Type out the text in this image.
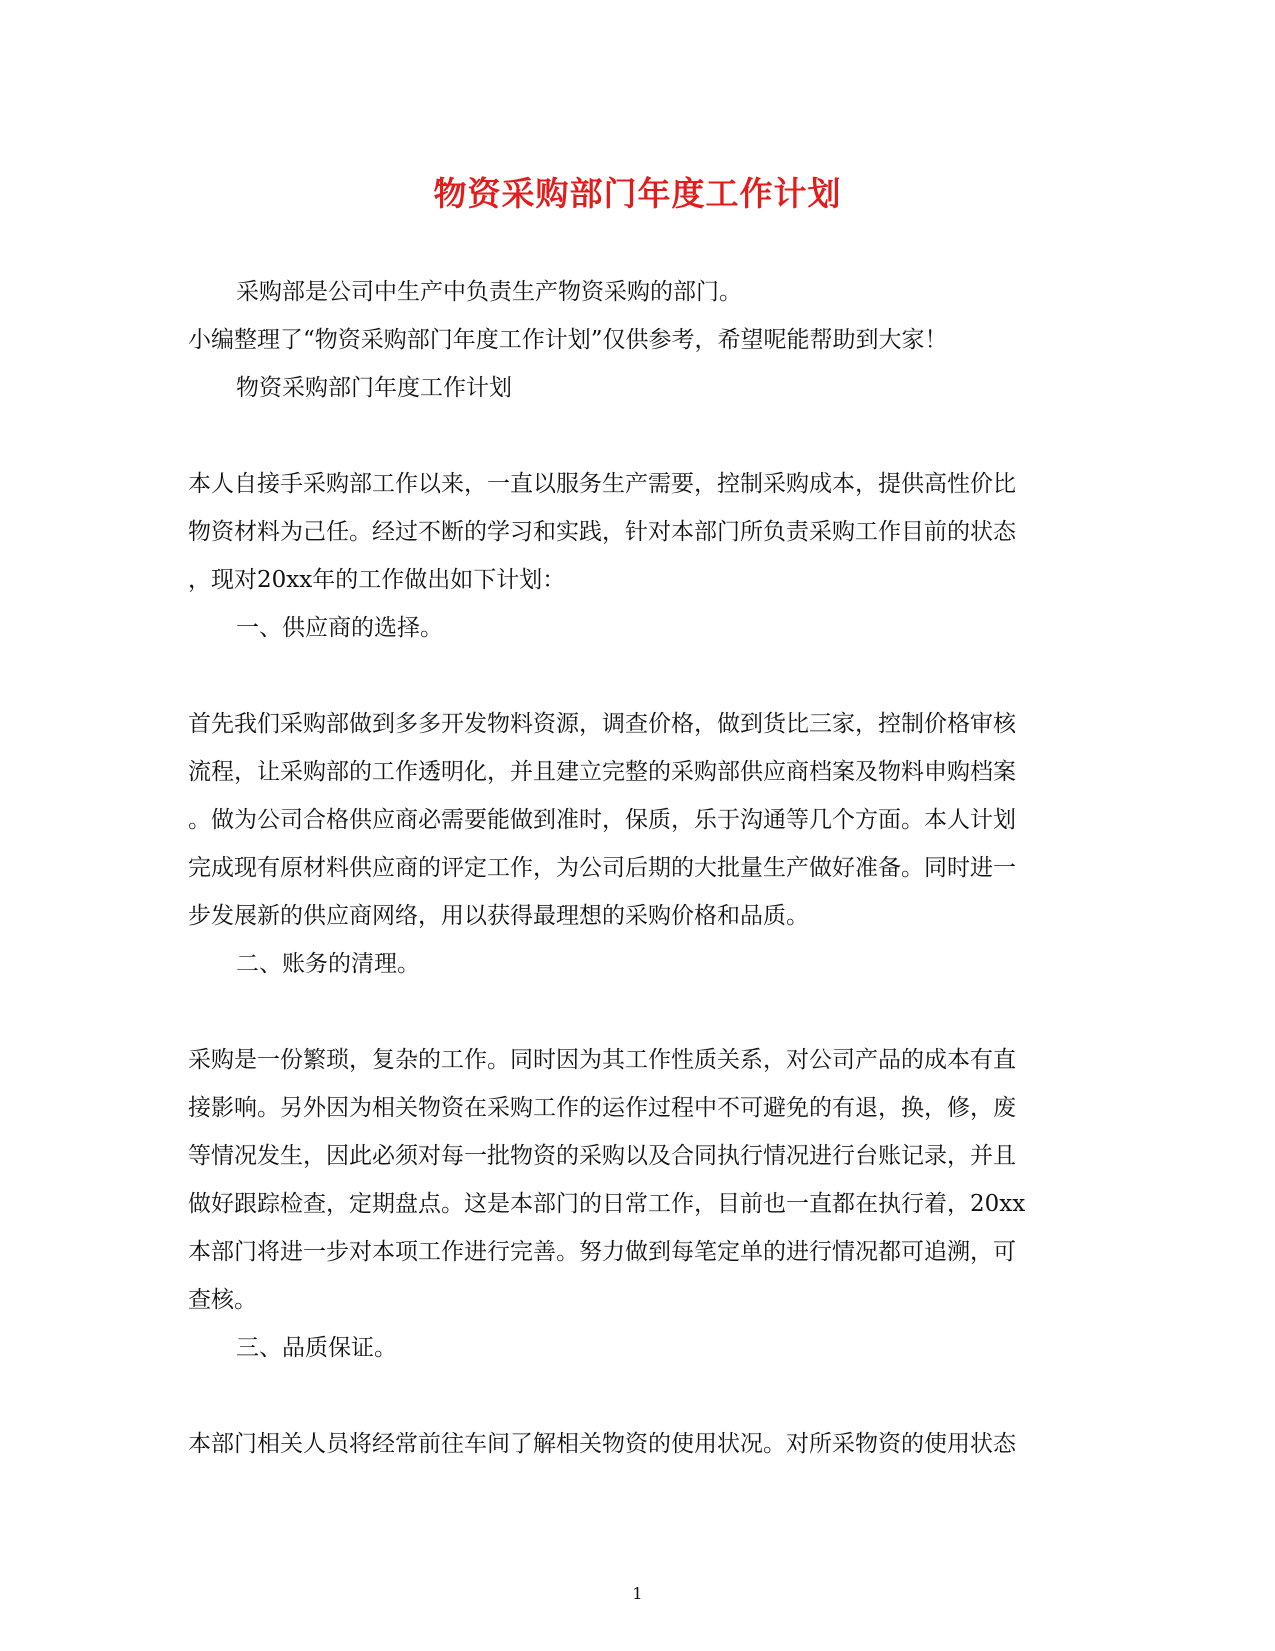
物资采购部门年度工作计划
采购部是公司中生产中负责生产物资采购的部门。
小编整理了“物资采购部门年度工作计划”仅供参考，希望呢能帮助到大家！
物资采购部门年度工作计划
本人自接手采购部工作以来，一直以服务生产需要，控制采购成本，提供高性价比
物资材料为己任。经过不断的学习和实践，针对本部门所负责采购工作目前的状态
，现对20xx年的工作做出如下计划：
一、供应商的选择。
首先我们采购部做到多多开发物料资源，调查价格，做到货比三家，控制价格审核
流程，让采购部的工作透明化，并且建立完整的采购部供应商档案及物料申购档案
。做为公司合格供应商必需要能做到准时，保质，乐于沟通等几个方面。本人计划
完成现有原材料供应商的评定工作，为公司后期的大批量生产做好准备。同时进一
步发展新的供应商网络，用以获得最理想的采购价格和品质。
二、账务的清理。
采购是一份繁琐，复杂的工作。同时因为其工作性质关系，对公司产品的成本有直
接影响。另外因为相关物资在采购工作的运作过程中不可避免的有退，换，修，废
等情况发生，因此必须对每一批物资的采购以及合同执行情况进行台账记录，并且
做好跟踪检查，定期盘点。这是本部门的日常工作，目前也一直都在执行着，20xx
本部门将进一步对本项工作进行完善。努力做到每笔定单的进行情况都可追溯，可
查核。
三、品质保证。
本部门相关人员将经常前往车间了解相关物资的使用状况。对所采物资的使用状态
1
